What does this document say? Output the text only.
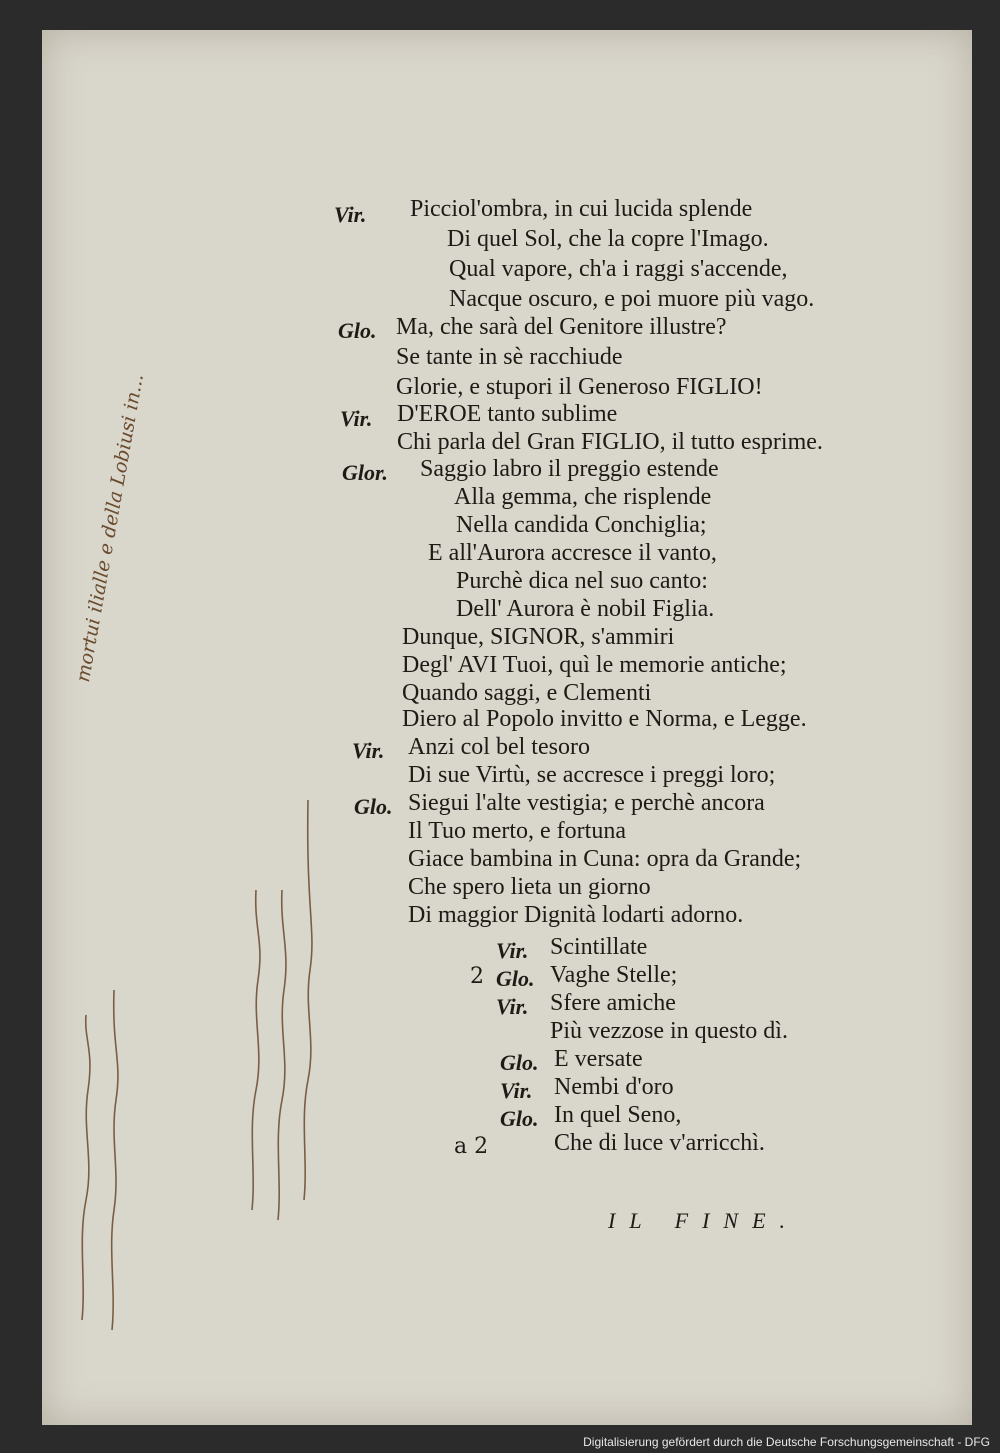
Vir. Picciol'ombra, in cui lucida splende
Di quel Sol, che la copre l'Imago.
Qual vapore, ch'a i raggi s'accende,
Nacque oscuro, e poi muore più vago.
Glo. Ma, che sarà del Genitore illustre?
Se tante in sè racchiude
Glorie, e stupori il Generoso FIGLIO!
Vir. D'EROE tanto sublime
Chi parla del Gran FIGLIO, il tutto esprime.
Glor. Saggio labro il preggio estende
Alla gemma, che risplende
Nella candida Conchiglia;
E all'Aurora accresce il vanto,
Purchè dica nel suo canto:
Dell' Aurora è nobil Figlia.
Dunque, SIGNOR, s'ammiri
Degl' AVI Tuoi, quì le memorie antiche;
Quando saggi, e Clementi
Diero al Popolo invitto e Norma, e Legge.
Vir. Anzi col bel tesoro
Di sue Virtù, se accresce i preggi loro;
Glo. Siegui l'alte vestigia; e perchè ancora
Il Tuo merto, e fortuna
Giace bambina in Cuna: opra da Grande;
Che spero lieta un giorno
Di maggior Dignità lodarti adorno.
Vir. Scintillate
2 Glo. Vaghe Stelle;
Vir. Sfere amiche
Più vezzose in questo dì.
Glo. E versate
Vir. Nembi d'oro
Glo. In quel Seno,
a 2	Che di luce v'arricchì.
IL FINE.
mortui ilialle e della Lobiusi in...
Digitalisierung gefördert durch die Deutsche Forschungsgemeinschaft - DFG
